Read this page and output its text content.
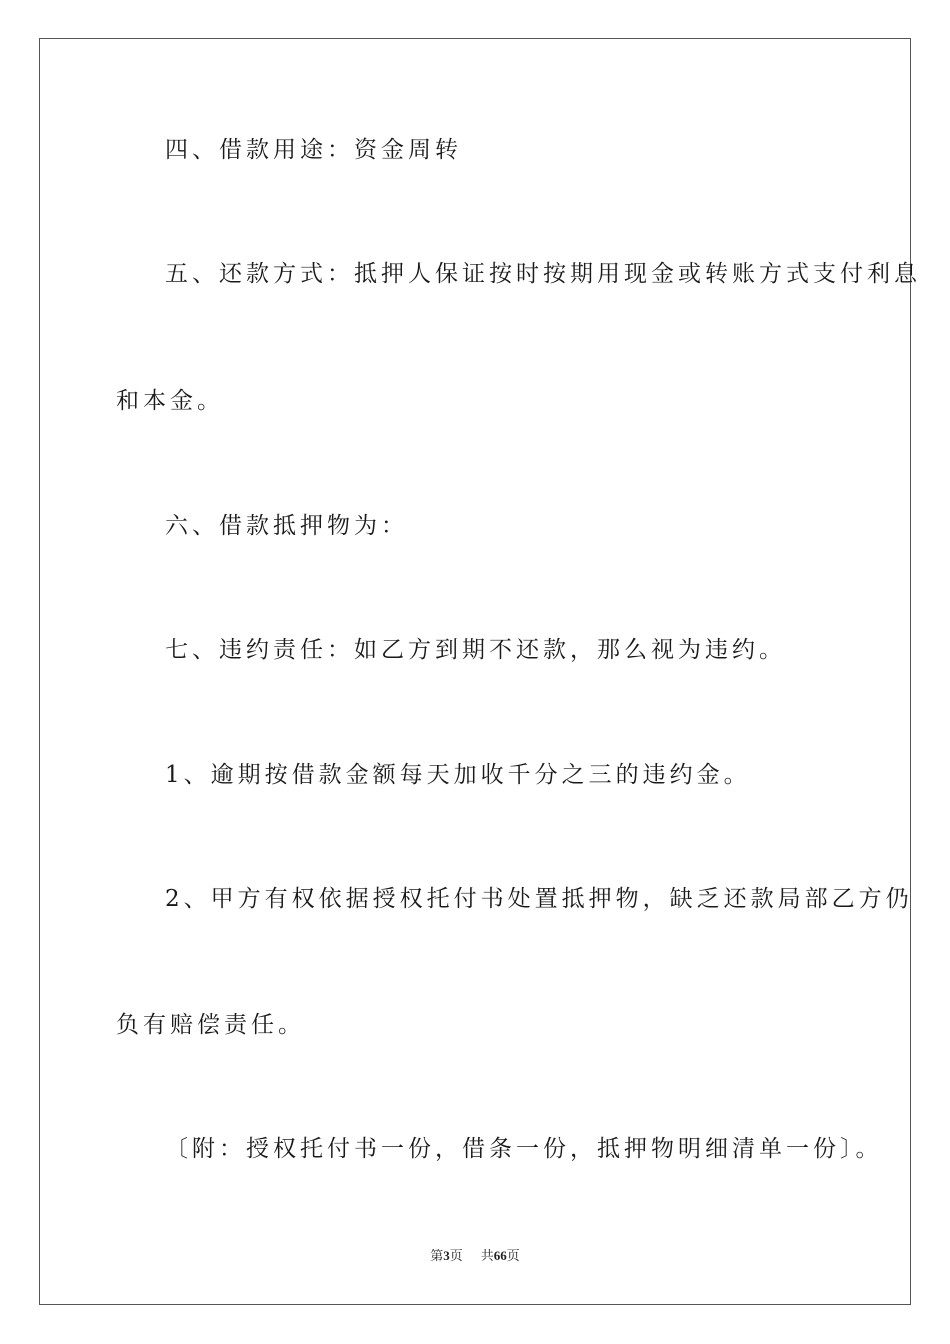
四、借款用途：资金周转

五、还款方式：抵押人保证按时按期用现金或转账方式支付利息

和本金。

六、借款抵押物为：

七、违约责任：如乙方到期不还款，那么视为违约。

1、逾期按借款金额每天加收千分之三的违约金。

2、甲方有权依据授权托付书处置抵押物，缺乏还款局部乙方仍

负有赔偿责任。

〔附：授权托付书一份，借条一份，抵押物明细清单一份〕。

第3页 共66页
